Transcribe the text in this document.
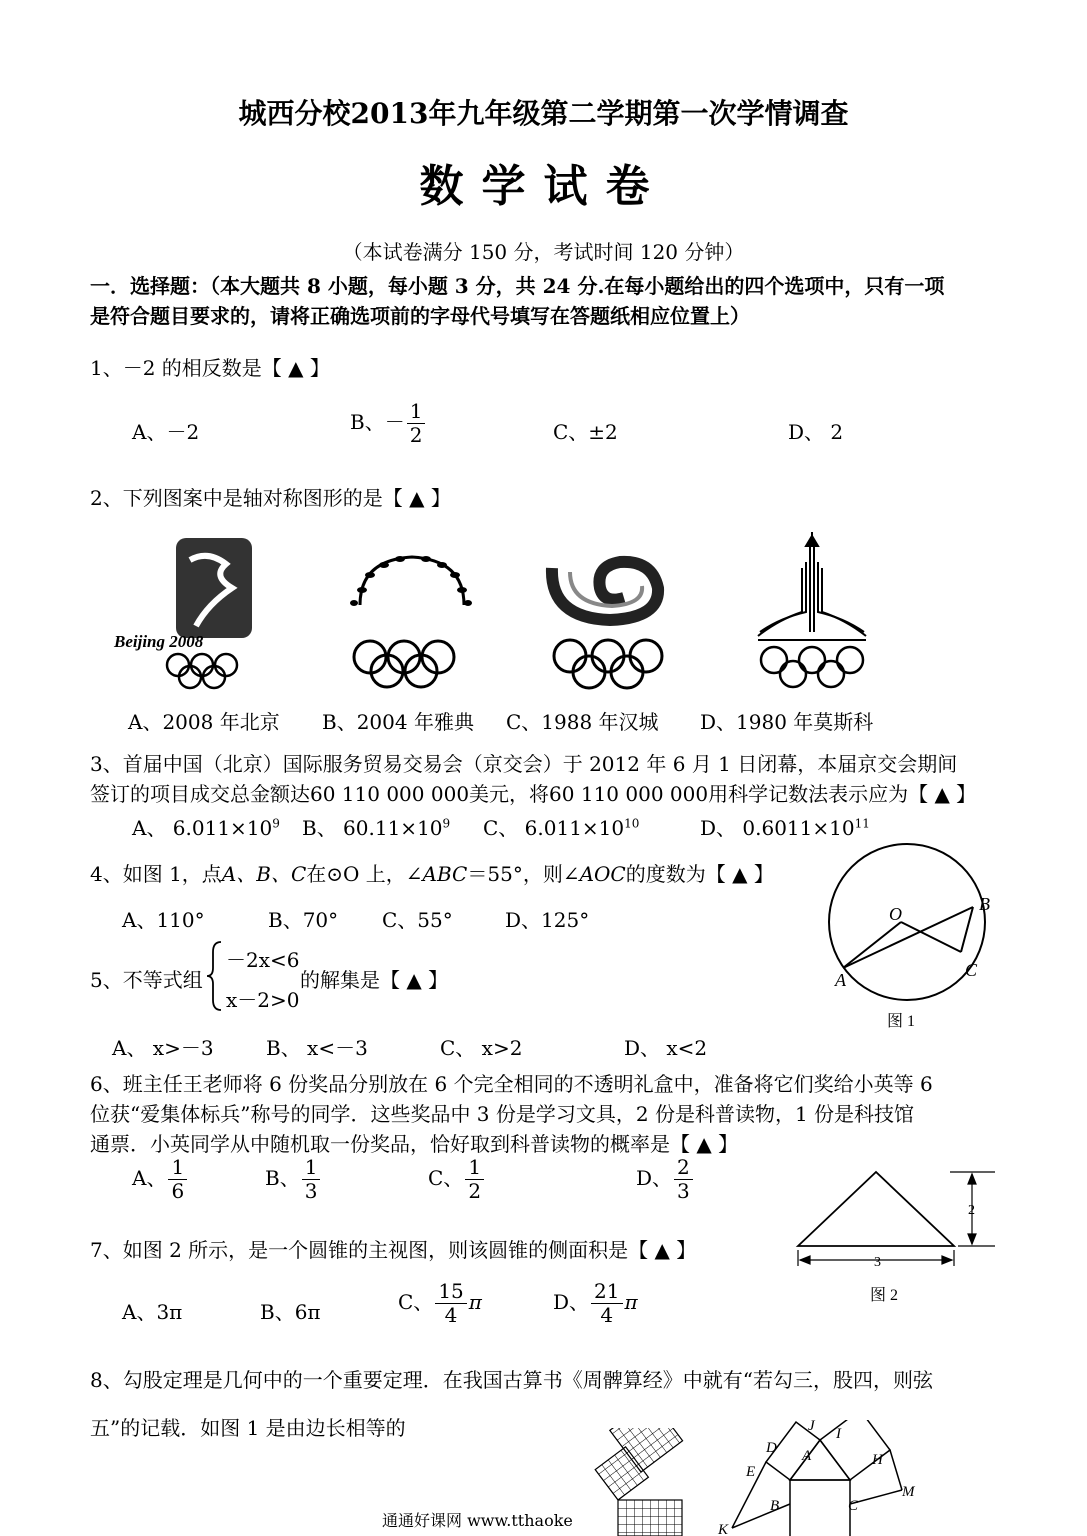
城西分校2013年九年级第二学期第一次学情调查
数学试卷
（本试卷满分 150 分，考试时间 120 分钟）
一．选择题：（本大题共 8 小题，每小题 3 分，共 24 分.在每小题给出的四个选项中，只有一项
是符合题目要求的，请将正确选项前的字母代号填写在答题纸相应位置上）
1、－2 的相反数是【 ▲ 】
A、－2	B、－ $\frac{1}{2}$	C、±2	D、 2
2、下列图案中是轴对称图形的是【 ▲ 】
Beijing 2008
A、2008 年北京 B、2004 年雅典 C、1988 年汉城 D、1980 年莫斯科
3、首届中国（北京）国际服务贸易交易会（京交会）于 2012 年 6 月 1 日闭幕，本届京交会期间
签订的项目成交总金额达60 110 000 000美元，将60 110 000 000用科学记数法表示应为【 ▲ 】
A、 $6.011\times 10^9$ B、 $60.11\times 10^9$ C、 $6.011\times 10^{10}$	D、 $0.6011\times 10^{11}$
4、如图 1，点A、B、C在⊙O 上，∠ABC＝55°，则∠AOC的度数为【 ▲ 】
A、110°	B、70° C、55°	D、125°	O
A
B
C
图 1
5、不等式组
－2x<6
x－2>0
的解集是【 ▲ 】
A、 x>－3	B、 x<－3	C、 x>2	D、 x<2
6、班主任王老师将 6 份奖品分别放在 6 个完全相同的不透明礼盒中，准备将它们奖给小英等 6
位获“爱集体标兵”称号的同学．这些奖品中 3 份是学习文具，2 份是科普读物，1 份是科技馆
通票．小英同学从中随机取一份奖品，恰好取到科普读物的概率是【 ▲ 】
A、 $\frac{1}{6}$	B、 $\frac{1}{3}$	C、 $\frac{1}{2}$	D、 $\frac{2}{3}$
2
3
图 2
7、如图 2 所示，是一个圆锥的主视图，则该圆锥的侧面积是【 ▲ 】
A、3π	B、6π	C、 $\frac{15}{4}$ π	D、 $\frac{21}{4}$ π
8、勾股定理是几何中的一个重要定理．在我国古算书《周髀算经》中就有“若勾三，股四，则弦
五”的记载．如图 1 是由边长相等的	J I
D A	H
E
M
B	C
K
通通好课网 www.tthaoke
